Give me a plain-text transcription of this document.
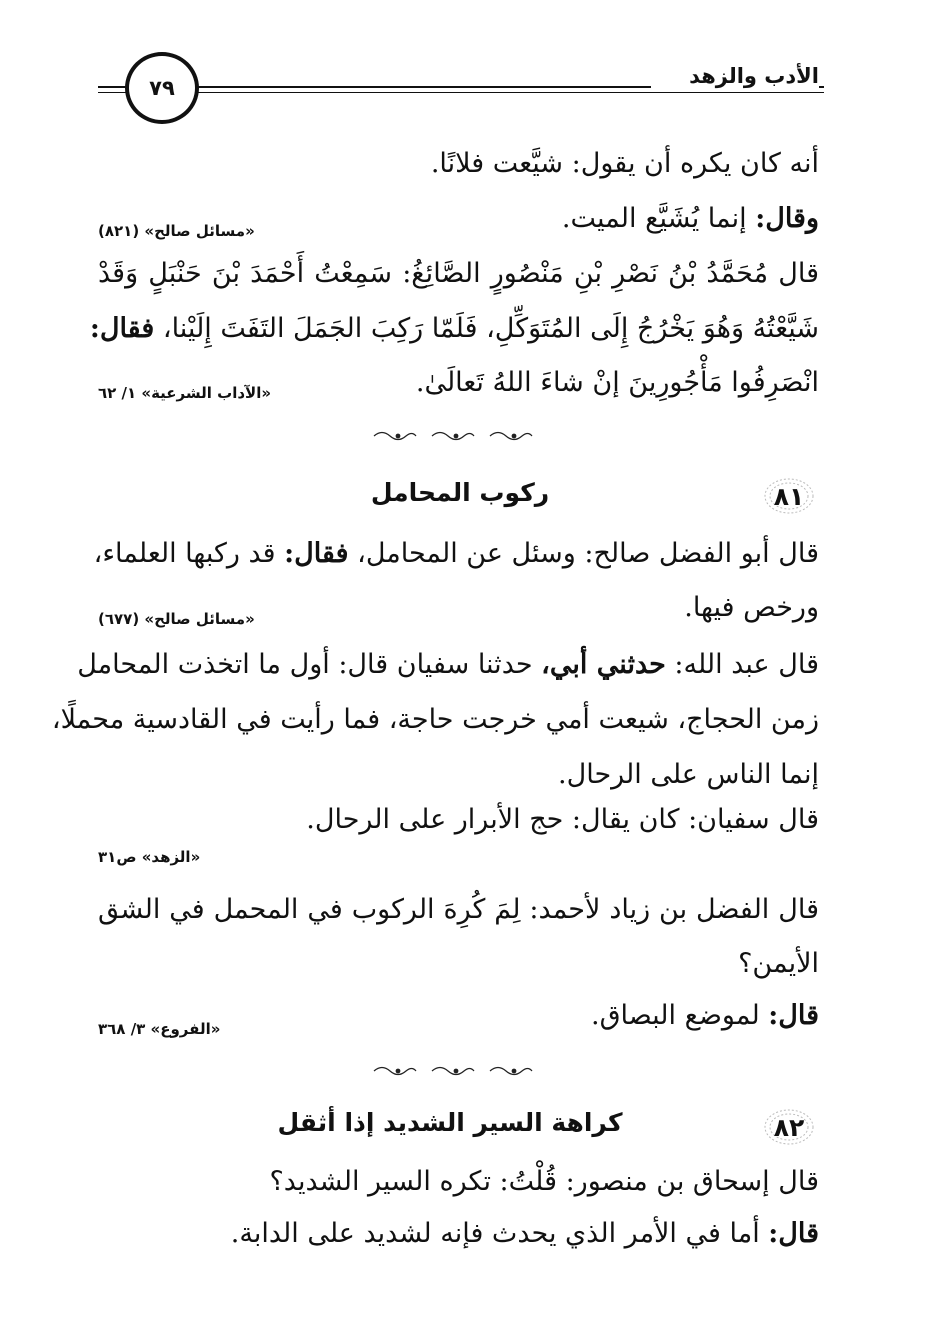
الأدب والزهد
٧٩
أنه كان يكره أن يقول: شيَّعت فلانًا.
وقال: إنما يُشَيَّع الميت.
«مسائل صالح» (٨٢١)
قال مُحَمَّدُ بْنُ نَصْرِ بْنِ مَنْصُورٍ الصَّائِغُ: سَمِعْتُ أَحْمَدَ بْنَ حَنْبَلٍ وَقَدْ
شَيَّعْتُهُ وَهُوَ يَخْرُجُ إِلَى المُتَوَكِّلِ، فَلَمّا رَكِبَ الجَمَلَ التَفَتَ إِلَيْنا، فقال:
انْصَرِفُوا مَأْجُورِينَ إنْ شاءَ اللهُ تَعالَىٰ.
«الآداب الشرعية» ١/ ٦٢
٨١
ركوب المحامل
قال أبو الفضل صالح: وسئل عن المحامل، فقال: قد ركبها العلماء،
ورخص فيها.
«مسائل صالح» (٦٧٧)
قال عبد الله: حدثني أبي، حدثنا سفيان قال: أول ما اتخذت المحامل
زمن الحجاج، شيعت أمي خرجت حاجة، فما رأيت في القادسية محملًا،
إنما الناس على الرحال.
قال سفيان: كان يقال: حج الأبرار على الرحال.
«الزهد» ص٣١
قال الفضل بن زياد لأحمد: لِمَ كُرِهَ الركوب في المحمل في الشق
الأيمن؟
قال: لموضع البصاق.
«الفروع» ٣/ ٣٦٨
٨٢
كراهة السير الشديد إذا أثقل
قال إسحاق بن منصور: قُلْتُ: تكره السير الشديد؟
قال: أما في الأمر الذي يحدث فإنه لشديد على الدابة.
